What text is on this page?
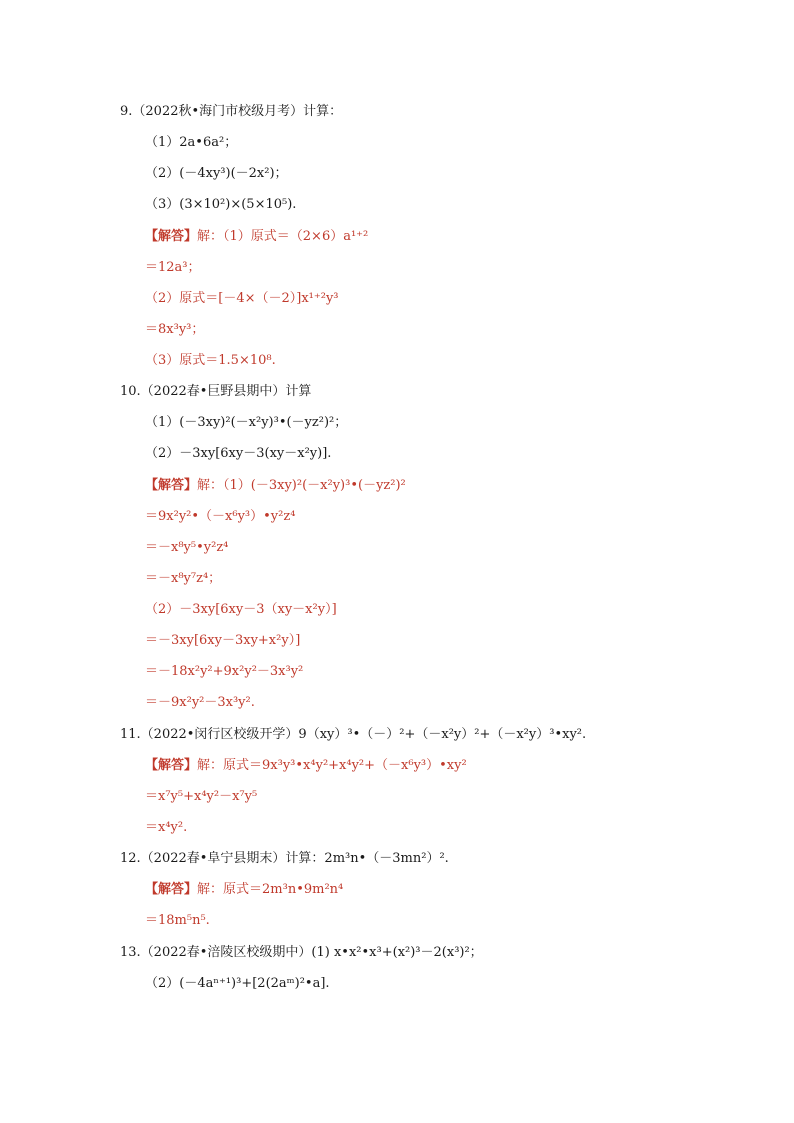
9.（2022秋•海门市校级月考）计算：
（1）2a•6a²；
（2）(－4xy³)(－2x²)；
（3）(3×10²)×(5×10⁵).
【解答】解：（1）原式＝（2×6）a¹⁺²
＝12a³；
（2）原式＝[－4×（－2）]x¹⁺²y³
＝8x³y³；
（3）原式＝1.5×10⁸.
10.（2022春•巨野县期中）计算
（1）(－3xy)²(－x²y)³•(－yz²)²；
（2）－3xy[6xy－3(xy－x²y)].
【解答】解：（1）(－3xy)²(－x²y)³•(－yz²)²
＝9x²y²•（－x⁶y³）•y²z⁴
＝－x⁸y⁵•y²z⁴
＝－x⁸y⁷z⁴；
（2）－3xy[6xy－3（xy－x²y）]
＝－3xy[6xy－3xy+x²y）]
＝－18x²y²+9x²y²－3x³y²
＝－9x²y²－3x³y².
11.（2022•闵行区校级开学）9（xy）³•（－）²+（－x²y）²+（－x²y）³•xy².
【解答】解：原式＝9x³y³•x⁴y²+x⁴y²+（－x⁶y³）•xy²
＝x⁷y⁵+x⁴y²－x⁷y⁵
＝x⁴y².
12.（2022春•阜宁县期末）计算：2m³n•（－3mn²）².
【解答】解：原式＝2m³n•9m²n⁴
＝18m⁵n⁵.
13.（2022春•涪陵区校级期中）(1) x•x²•x³+(x²)³－2(x³)²；
（2）(－4aⁿ⁺¹)³+[2(2aᵐ)²•a].
